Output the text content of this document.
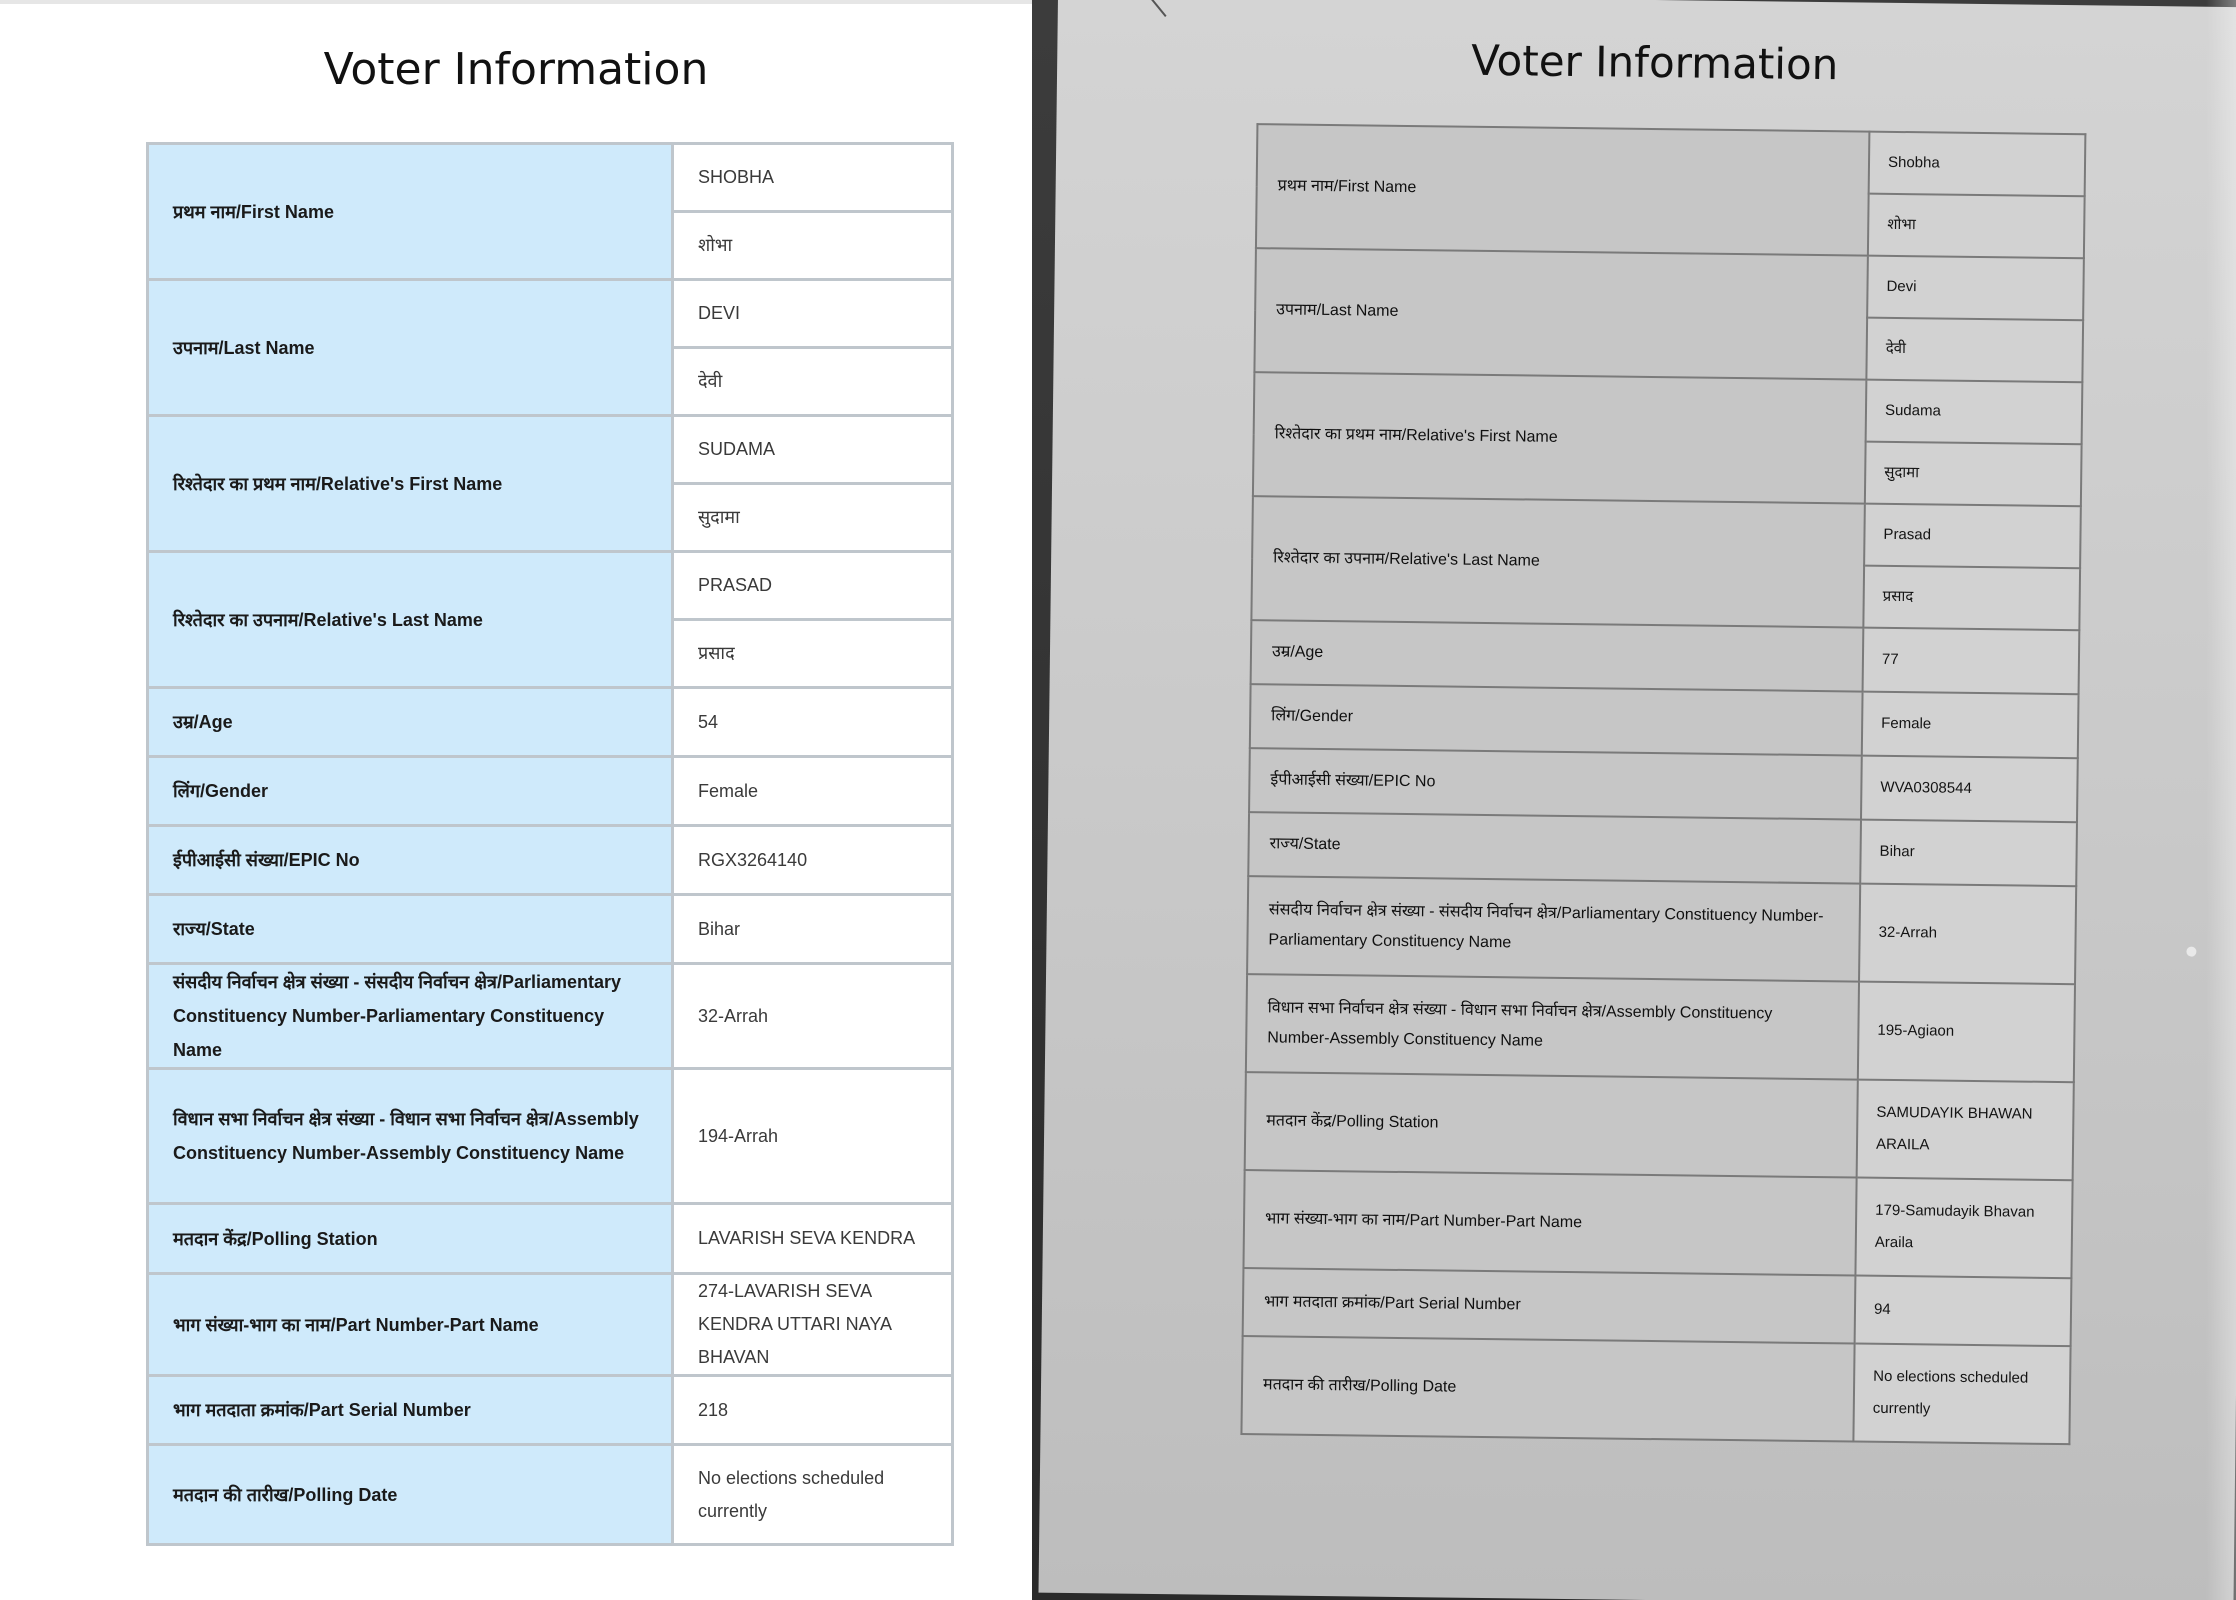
Voter Information
प्रथम नाम/First Name	SHOBHA
	शोभा
उपनाम/Last Name	DEVI
	देवी
रिश्तेदार का प्रथम नाम/Relative's First Name	SUDAMA
	सुदामा
रिश्तेदार का उपनाम/Relative's Last Name	PRASAD
	प्रसाद
उम्र/Age	54
लिंग/Gender	Female
ईपीआईसी संख्या/EPIC No	RGX3264140
राज्य/State	Bihar
संसदीय निर्वाचन क्षेत्र संख्या - संसदीय निर्वाचन क्षेत्र/Parliamentary Constituency Number-Parliamentary Constituency Name	32-Arrah
विधान सभा निर्वाचन क्षेत्र संख्या - विधान सभा निर्वाचन क्षेत्र/Assembly Constituency Number-Assembly Constituency Name	194-Arrah
मतदान केंद्र/Polling Station	LAVARISH SEVA KENDRA
भाग संख्या-भाग का नाम/Part Number-Part Name	274-LAVARISH SEVA KENDRA UTTARI NAYA BHAVAN
भाग मतदाता क्रमांक/Part Serial Number	218
मतदान की तारीख/Polling Date	No elections scheduled currently
Voter Information
प्रथम नाम/First Name	Shobha
	शोभा
उपनाम/Last Name	Devi
	देवी
रिश्तेदार का प्रथम नाम/Relative's First Name	Sudama
	सुदामा
रिश्तेदार का उपनाम/Relative's Last Name	Prasad
	प्रसाद
उम्र/Age	77
लिंग/Gender	Female
ईपीआईसी संख्या/EPIC No	WVA0308544
राज्य/State	Bihar
संसदीय निर्वाचन क्षेत्र संख्या - संसदीय निर्वाचन क्षेत्र/Parliamentary Constituency Number-Parliamentary Constituency Name	32-Arrah
विधान सभा निर्वाचन क्षेत्र संख्या - विधान सभा निर्वाचन क्षेत्र/Assembly Constituency Number-Assembly Constituency Name	195-Agiaon
मतदान केंद्र/Polling Station	SAMUDAYIK BHAWAN ARAILA
भाग संख्या-भाग का नाम/Part Number-Part Name	179-Samudayik Bhavan Araila
भाग मतदाता क्रमांक/Part Serial Number	94
मतदान की तारीख/Polling Date	No elections scheduled currently
